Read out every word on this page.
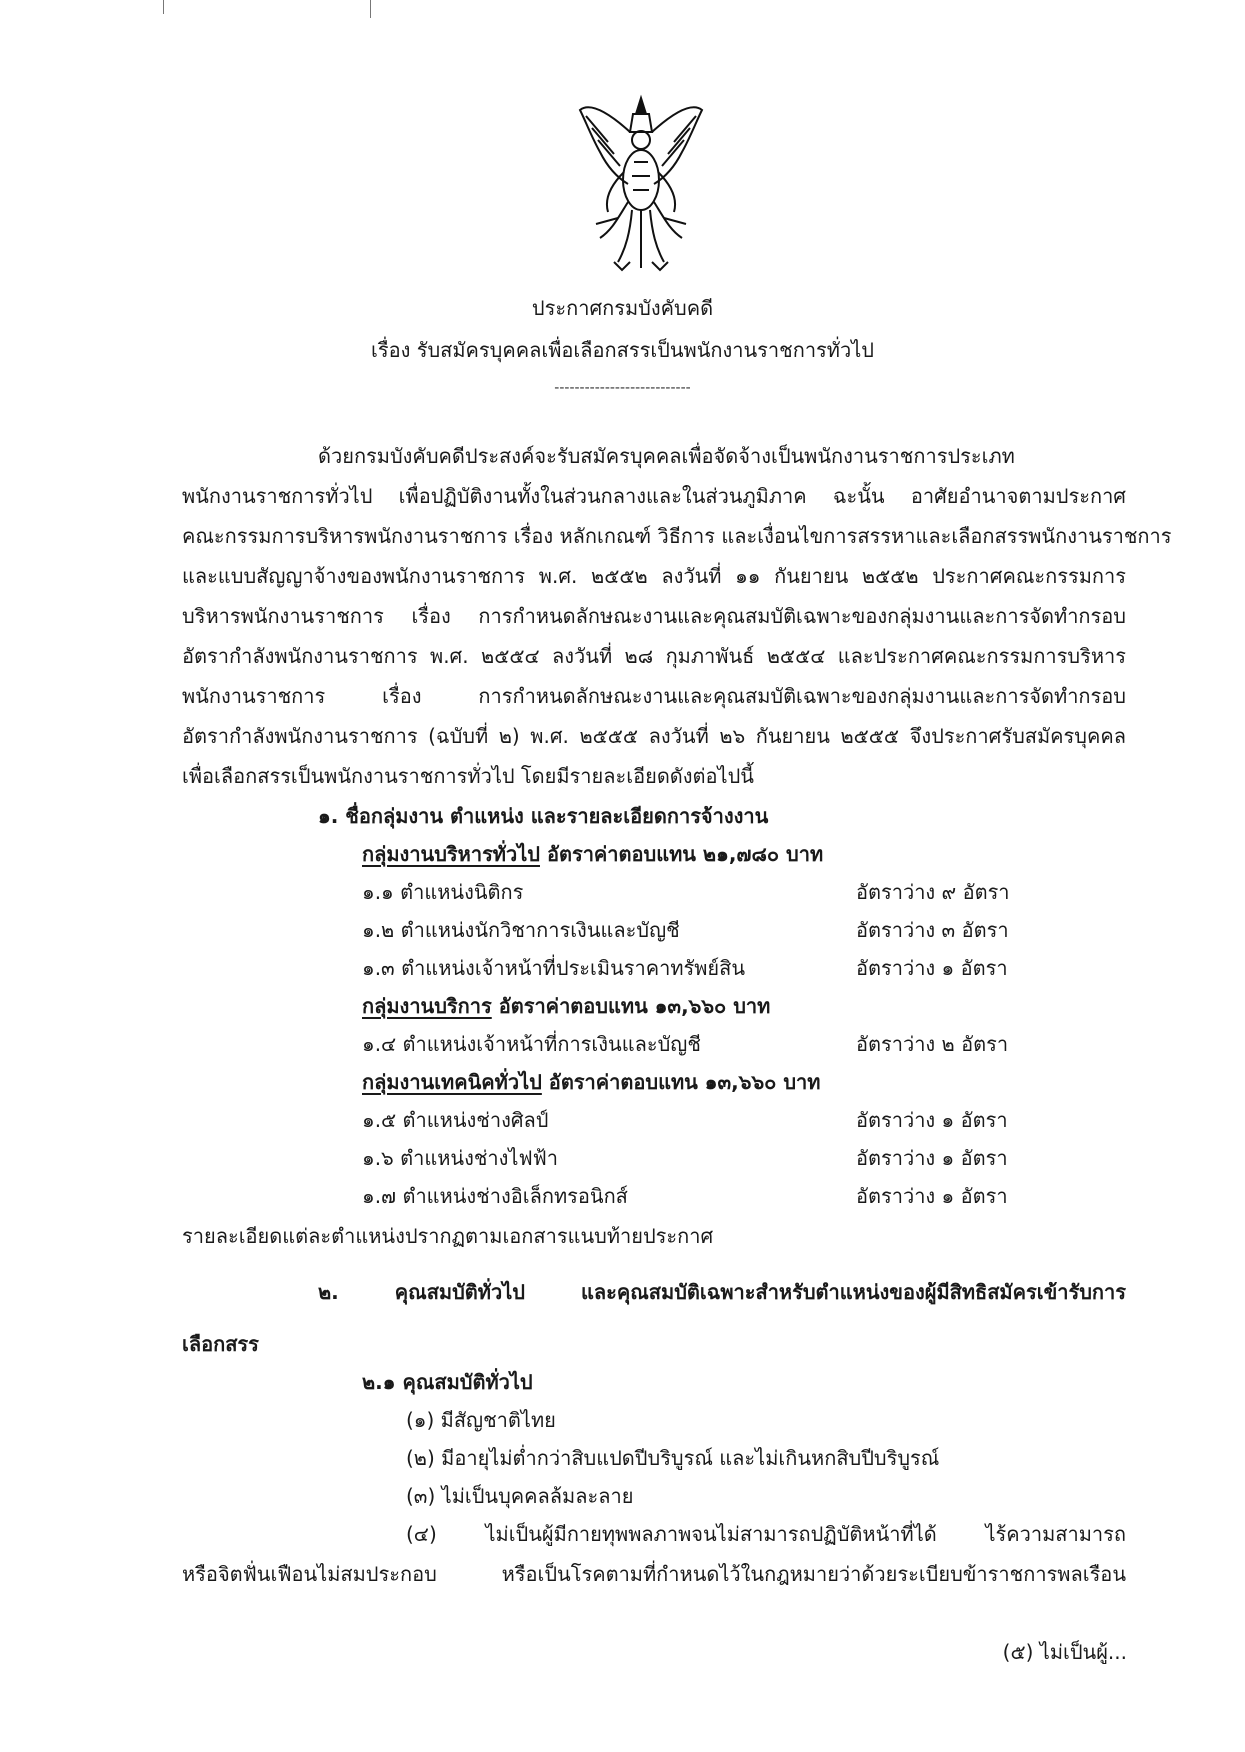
ประกาศกรมบังคับคดี
เรื่อง รับสมัครบุคคลเพื่อเลือกสรรเป็นพนักงานราชการทั่วไป
---------------------------
ด้วยกรมบังคับคดีประสงค์จะรับสมัครบุคคลเพื่อจัดจ้างเป็นพนักงานราชการประเภท
พนักงานราชการทั่วไป เพื่อปฏิบัติงานทั้งในส่วนกลางและในส่วนภูมิภาค ฉะนั้น อาศัยอำนาจตามประกาศ
คณะกรรมการบริหารพนักงานราชการ เรื่อง หลักเกณฑ์ วิธีการ และเงื่อนไขการสรรหาและเลือกสรรพนักงานราชการ
และแบบสัญญาจ้างของพนักงานราชการ พ.ศ. ๒๕๕๒ ลงวันที่ ๑๑ กันยายน ๒๕๕๒ ประกาศคณะกรรมการ
บริหารพนักงานราชการ เรื่อง การกำหนดลักษณะงานและคุณสมบัติเฉพาะของกลุ่มงานและการจัดทำกรอบ
อัตรากำลังพนักงานราชการ พ.ศ. ๒๕๕๔ ลงวันที่ ๒๘ กุมภาพันธ์ ๒๕๕๔ และประกาศคณะกรรมการบริหาร
พนักงานราชการ เรื่อง การกำหนดลักษณะงานและคุณสมบัติเฉพาะของกลุ่มงานและการจัดทำกรอบ
อัตรากำลังพนักงานราชการ (ฉบับที่ ๒) พ.ศ. ๒๕๕๕ ลงวันที่ ๒๖ กันยายน ๒๕๕๕ จึงประกาศรับสมัครบุคคล
เพื่อเลือกสรรเป็นพนักงานราชการทั่วไป โดยมีรายละเอียดดังต่อไปนี้
๑. ชื่อกลุ่มงาน ตำแหน่ง และรายละเอียดการจ้างงาน
กลุ่มงานบริหารทั่วไป อัตราค่าตอบแทน ๒๑,๗๘๐ บาท
๑.๑ ตำแหน่งนิติกร	อัตราว่าง ๙ อัตรา
๑.๒ ตำแหน่งนักวิชาการเงินและบัญชี	อัตราว่าง ๓ อัตรา
๑.๓ ตำแหน่งเจ้าหน้าที่ประเมินราคาทรัพย์สิน	อัตราว่าง ๑ อัตรา
กลุ่มงานบริการ อัตราค่าตอบแทน ๑๓,๖๖๐ บาท
๑.๔ ตำแหน่งเจ้าหน้าที่การเงินและบัญชี	อัตราว่าง ๒ อัตรา
กลุ่มงานเทคนิคทั่วไป อัตราค่าตอบแทน ๑๓,๖๖๐ บาท
๑.๕ ตำแหน่งช่างศิลป์	อัตราว่าง ๑ อัตรา
๑.๖ ตำแหน่งช่างไฟฟ้า	อัตราว่าง ๑ อัตรา
๑.๗ ตำแหน่งช่างอิเล็กทรอนิกส์	อัตราว่าง ๑ อัตรา
รายละเอียดแต่ละตำแหน่งปรากฏตามเอกสารแนบท้ายประกาศ
๒. คุณสมบัติทั่วไป และคุณสมบัติเฉพาะสำหรับตำแหน่งของผู้มีสิทธิสมัครเข้ารับการ
เลือกสรร
๒.๑ คุณสมบัติทั่วไป
(๑) มีสัญชาติไทย
(๒) มีอายุไม่ต่ำกว่าสิบแปดปีบริบูรณ์ และไม่เกินหกสิบปีบริบูรณ์
(๓) ไม่เป็นบุคคลล้มละลาย
(๔) ไม่เป็นผู้มีกายทุพพลภาพจนไม่สามารถปฏิบัติหน้าที่ได้ ไร้ความสามารถ
หรือจิตฟั่นเฟือนไม่สมประกอบ หรือเป็นโรคตามที่กำหนดไว้ในกฎหมายว่าด้วยระเบียบข้าราชการพลเรือน
(๕) ไม่เป็นผู้...
